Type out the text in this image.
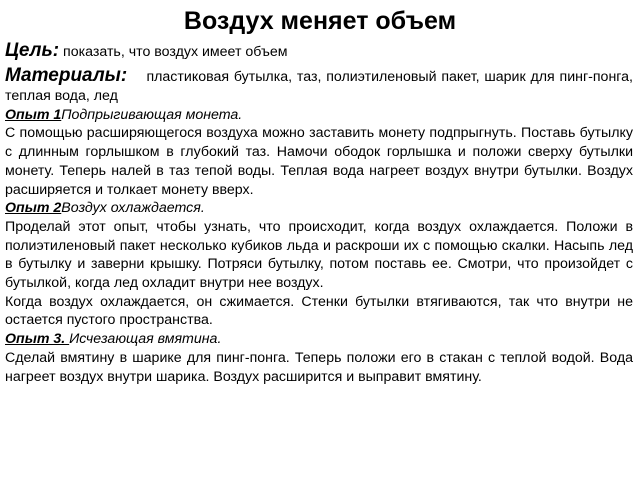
Воздух меняет объем

Цель: показать, что воздух имеет объем

Материалы: пластиковая бутылка, таз, полиэтиленовый пакет, шарик для пинг-понга, теплая вода, лед

Опыт 1Подпрыгивающая монета.

С помощью расширяющегося воздуха можно заставить монету подпрыгнуть. Поставь бутылку с длинным горлышком в глубокий таз. Намочи ободок горлышка и положи сверху бутылки монету. Теперь налей в таз тепой воды. Теплая вода нагреет воздух внутри бутылки. Воздух расширяется и толкает монету вверх.

Опыт 2Воздух охлаждается.

Проделай этот опыт, чтобы узнать, что происходит, когда воздух охлаждается. Положи в полиэтиленовый пакет несколько кубиков льда и раскроши их с помощью скалки. Насыпь лед в бутылку и заверни крышку. Потряси бутылку, потом поставь ее. Смотри, что произойдет с бутылкой, когда лед охладит внутри нее воздух.

Когда воздух охлаждается, он сжимается. Стенки бутылки втягиваются, так что внутри не остается пустого пространства.

Опыт 3. Исчезающая вмятина.

Сделай вмятину в шарике для пинг-понга. Теперь положи его в стакан с теплой водой. Вода нагреет воздух внутри шарика. Воздух расширится и выправит вмятину.
